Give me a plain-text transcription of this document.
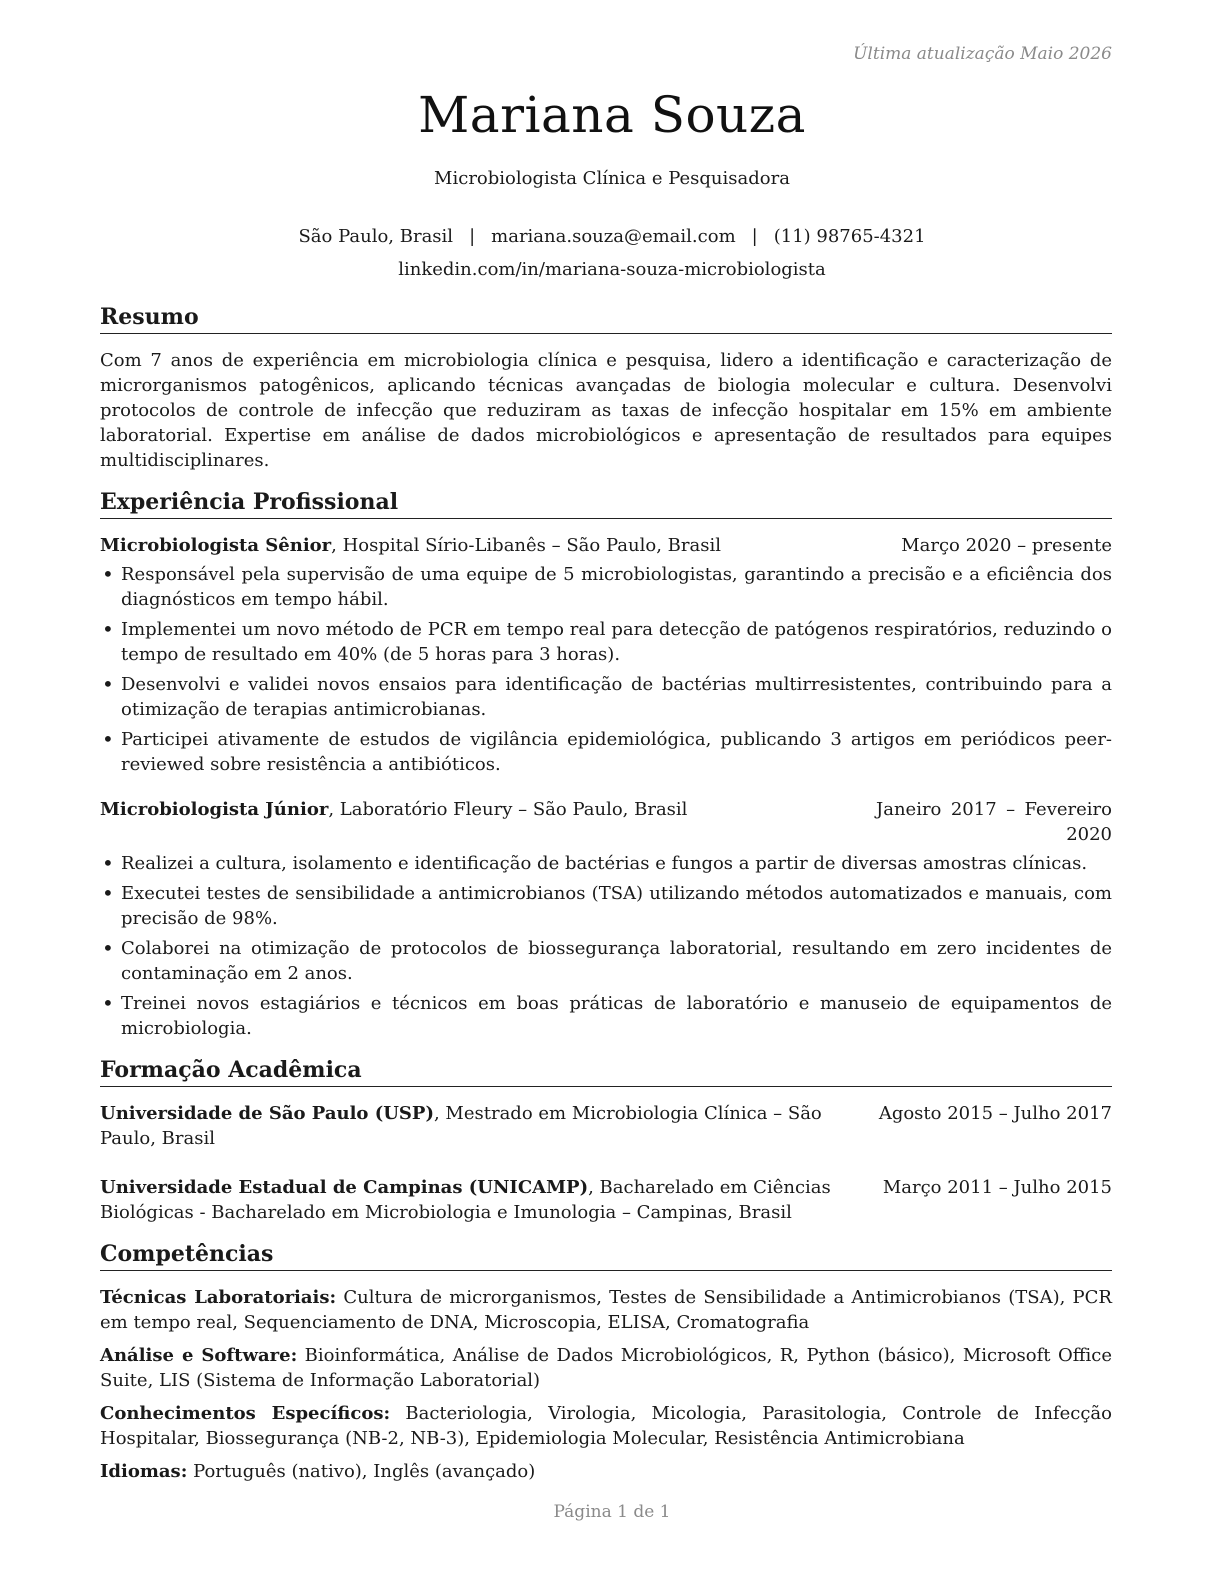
Última atualização Maio 2026
Mariana Souza
Microbiologista Clínica e Pesquisadora
São Paulo, Brasil | mariana.souza@email.com | (11) 98765-4321
linkedin.com/in/mariana-souza-microbiologista
Resumo
Com 7 anos de experiência em microbiologia clínica e pesquisa, lidero a identificação e caracterização de microrganismos patogênicos, aplicando técnicas avançadas de biologia molecular e cultura. Desenvolvi protocolos de controle de infecção que reduziram as taxas de infecção hospitalar em 15% em ambiente laboratorial. Expertise em análise de dados microbiológicos e apresentação de resultados para equipes multidisciplinares.
Experiência Profissional
Microbiologista Sênior, Hospital Sírio-Libanês – São Paulo, Brasil	Março 2020 – presente
• Responsável pela supervisão de uma equipe de 5 microbiologistas, garantindo a precisão e a eficiência dos diagnósticos em tempo hábil.
• Implementei um novo método de PCR em tempo real para detecção de patógenos respiratórios, reduzindo o tempo de resultado em 40% (de 5 horas para 3 horas).
• Desenvolvi e validei novos ensaios para identificação de bactérias multirresistentes, contribuindo para a otimização de terapias antimicrobianas.
• Participei ativamente de estudos de vigilância epidemiológica, publicando 3 artigos em periódicos peer-reviewed sobre resistência a antibióticos.
Microbiologista Júnior, Laboratório Fleury – São Paulo, Brasil	Janeiro 2017 – Fevereiro 2020
• Realizei a cultura, isolamento e identificação de bactérias e fungos a partir de diversas amostras clínicas.
• Executei testes de sensibilidade a antimicrobianos (TSA) utilizando métodos automatizados e manuais, com precisão de 98%.
• Colaborei na otimização de protocolos de biossegurança laboratorial, resultando em zero incidentes de contaminação em 2 anos.
• Treinei novos estagiários e técnicos em boas práticas de laboratório e manuseio de equipamentos de microbiologia.
Formação Acadêmica
Universidade de São Paulo (USP), Mestrado em Microbiologia Clínica – São Paulo, Brasil
Agosto 2015 – Julho 2017
Universidade Estadual de Campinas (UNICAMP), Bacharelado em Ciências Biológicas - Bacharelado em Microbiologia e Imunologia – Campinas, Brasil
Março 2011 – Julho 2015
Competências
Técnicas Laboratoriais: Cultura de microrganismos, Testes de Sensibilidade a Antimicrobianos (TSA), PCR em tempo real, Sequenciamento de DNA, Microscopia, ELISA, Cromatografia
Análise e Software: Bioinformática, Análise de Dados Microbiológicos, R, Python (básico), Microsoft Office Suite, LIS (Sistema de Informação Laboratorial)
Conhecimentos Específicos: Bacteriologia, Virologia, Micologia, Parasitologia, Controle de Infecção Hospitalar, Biossegurança (NB-2, NB-3), Epidemiologia Molecular, Resistência Antimicrobiana
Idiomas: Português (nativo), Inglês (avançado)
Página 1 de 1
